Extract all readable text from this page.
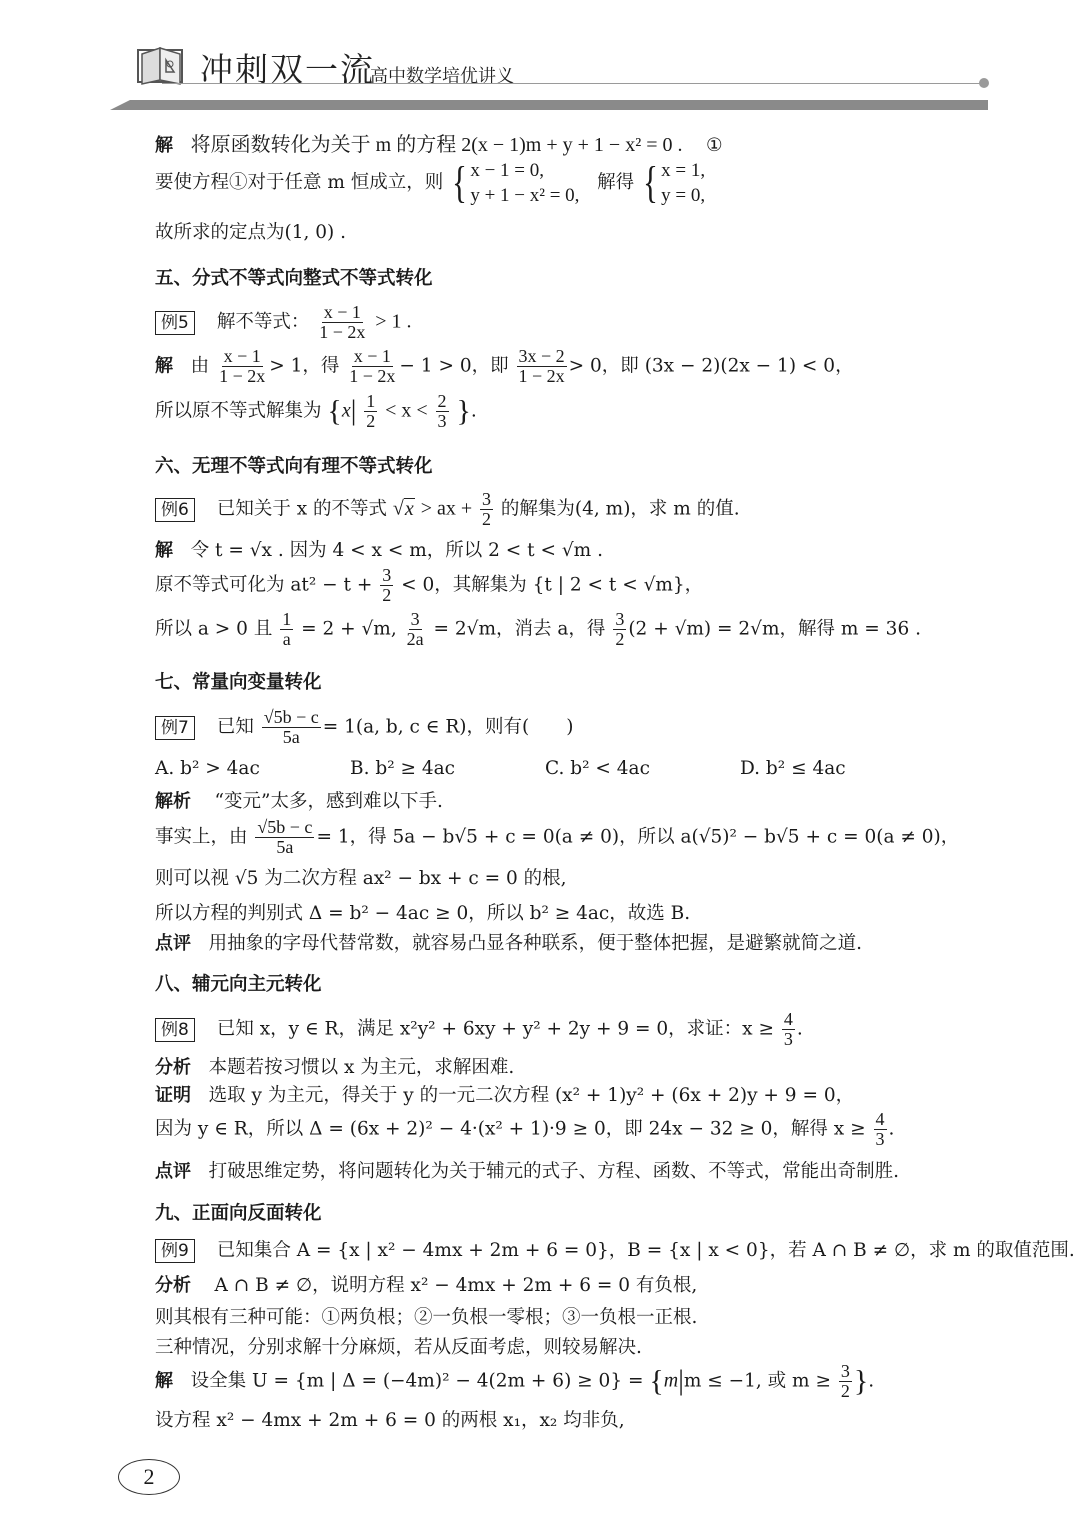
冲刺双一流
高中数学培优讲义
解 将原函数转化为关于 m 的方程 2(x − 1)m + y + 1 − x² = 0 . ①
要使方程①对于任意 m 恒成立，则 { x − 1 = 0,
y + 1 − x² = 0,
解得 { x = 1,
y = 0,
故所求的定点为(1, 0) .
五、分式不等式向整式不等式转化
例5 解不等式： $\frac{x - 1}{1 - 2x} > 1$ .
解 由 $\frac{x - 1}{1 - 2x} > 1$，得 $\frac{x - 1}{1 - 2x} - 1 > 0$，即 $\frac{3x - 2}{1 - 2x} > 0$，即 (3x − 2)(2x − 1) < 0，
所以原不等式解集为 {$x| \frac{1}{2} < x < \frac{2}{3}$ }.
六、无理不等式向有理不等式转化
例6 已知关于 x 的不等式 √x > ax + $\frac{3}{2}$ 的解集为(4, m)，求 m 的值.
解 令 t = √x . 因为 4 < x < m，所以 2 < t < √m .
原不等式可化为 $at^2 - t + \frac{3}{2} < 0$，其解集为 {t | 2 < t < √m}，
所以 a > 0 且 $\frac{1}{a} = 2 + √m$, $\frac{3}{2a} = 2√m$，消去 a，得 $\frac{3}{2} (2 + √m) = 2√m$，解得 m = 36 .
七、常量向变量转化
例7 已知 $\frac{√5b - c}{5a} = 1(a$, b, c ∈ R)，则有(　　)
A. b² > 4ac	B. b² ≥ 4ac	C. b² < 4ac	D. b² ≤ 4ac
解析 “变元”太多，感到难以下手.
事实上，由 $\frac{√5b - c}{5a} = 1$，得 5a − b√5 + c = 0(a ≠ 0)，所以 a(√5)² − b√5 + c = 0(a ≠ 0)，
则可以视 √5 为二次方程 ax² − bx + c = 0 的根,
所以方程的判别式 Δ = b² − 4ac ≥ 0，所以 b² ≥ 4ac，故选 B.
点评 用抽象的字母代替常数，就容易凸显各种联系，便于整体把握，是避繁就简之道.
八、辅元向主元转化
例8 已知 x，y ∈ R，满足 x²y² + 6xy + y² + 2y + 9 = 0，求证：$x \ge \frac{4}{3}$ .
分析 本题若按习惯以 x 为主元，求解困难.
证明 选取 y 为主元，得关于 y 的一元二次方程 (x² + 1)y² + (6x + 2)y + 9 = 0，
因为 y ∈ R，所以 Δ = (6x + 2)² − 4·(x² + 1)·9 ≥ 0，即 24x − 32 ≥ 0，解得 $x \ge \frac{4}{3}$ .
点评 打破思维定势，将问题转化为关于辅元的式子、方程、函数、不等式，常能出奇制胜.
九、正面向反面转化
例9 已知集合 A = {x | x² − 4mx + 2m + 6 = 0}，B = {x | x < 0}，若 A ∩ B ≠ ∅，求 m 的取值范围.
分析 A ∩ B ≠ ∅，说明方程 x² − 4mx + 2m + 6 = 0 有负根,
则其根有三种可能：①两负根；②一负根一零根；③一负根一正根.
三种情况，分别求解十分麻烦，若从反面考虑，则较易解决.
解 设全集 U = {m | Δ = (−4m)² − 4(2m + 6) ≥ 0} = {m|m ≤ −1, 或 $m \ge \frac{3}{2}$ }.
设方程 x² − 4mx + 2m + 6 = 0 的两根 x₁，x₂ 均非负,
2
